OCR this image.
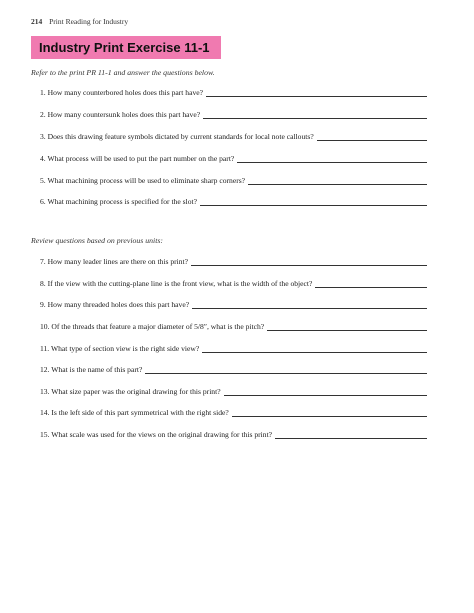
214 Print Reading for Industry
Industry Print Exercise 11-1
Refer to the print PR 11-1 and answer the questions below.
1. How many counterbored holes does this part have?
2. How many countersunk holes does this part have?
3. Does this drawing feature symbols dictated by current standards for local note callouts?
4. What process will be used to put the part number on the part?
5. What machining process will be used to eliminate sharp corners?
6. What machining process is specified for the slot?
Review questions based on previous units:
7. How many leader lines are there on this print?
8. If the view with the cutting-plane line is the front view, what is the width of the object?
9. How many threaded holes does this part have?
10. Of the threads that feature a major diameter of 5/8″, what is the pitch?
11. What type of section view is the right side view?
12. What is the name of this part?
13. What size paper was the original drawing for this print?
14. Is the left side of this part symmetrical with the right side?
15. What scale was used for the views on the original drawing for this print?
